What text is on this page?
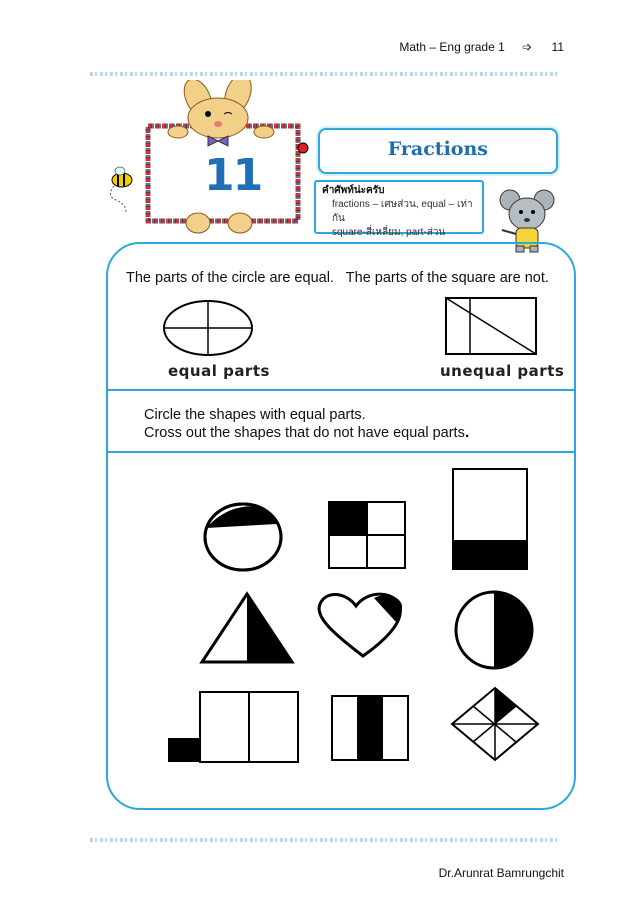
Math – Eng grade 1 ➩ 11
11
Fractions
คำศัพท์น่ะครับ
fractions – เศษส่วน, equal – เท่ากัน
square-สี่เหลี่ยม, part-ส่วน
The parts of the circle are equal. The parts of the square are not.
equal parts	unequal parts
Circle the shapes with equal parts.
Cross out the shapes that do not have equal parts.
Dr.Arunrat Bamrungchit
